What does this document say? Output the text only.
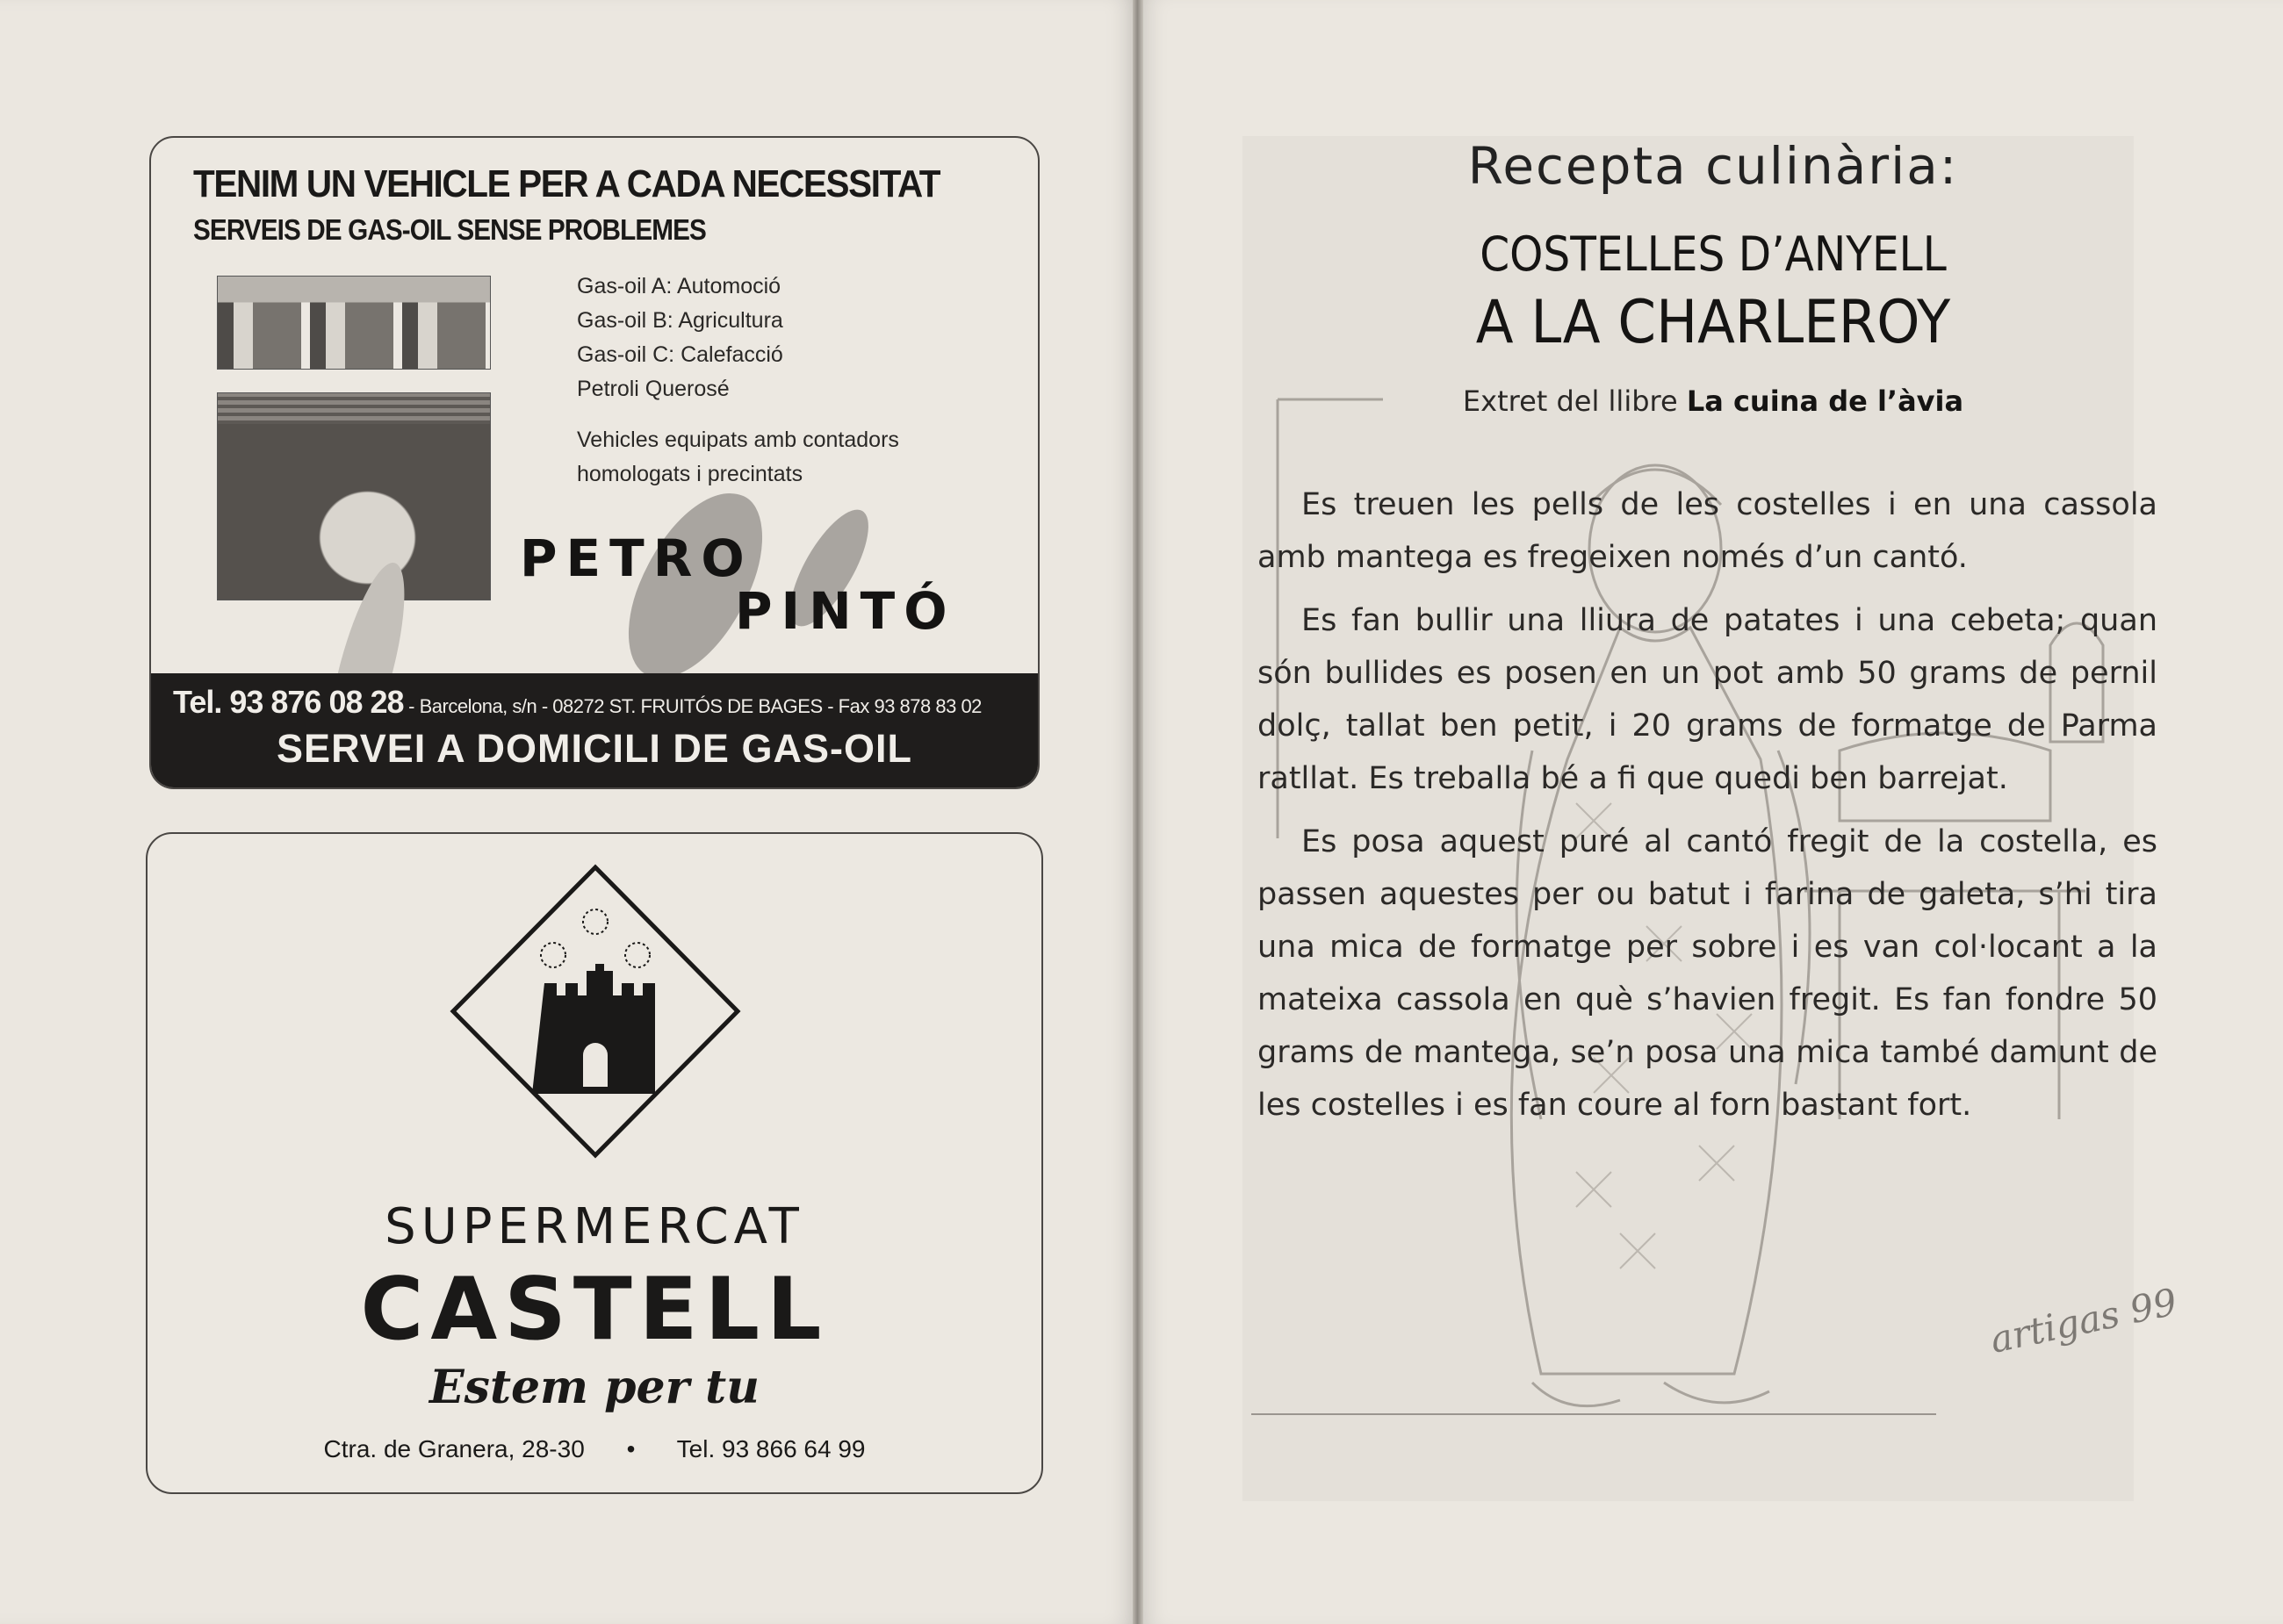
TENIM UN VEHICLE PER A CADA NECESSITAT
SERVEIS DE GAS-OIL SENSE PROBLEMES
Gas-oil A: Automoció
Gas-oil B: Agricultura
Gas-oil C: Calefacció
Petroli Querosé
Vehicles equipats amb contadors homologats i precintats
PETRO
PINTÓ
Tel. 93 876 08 28 - Barcelona, s/n - 08272 ST. FRUITÓS DE BAGES - Fax 93 878 83 02
SERVEI A DOMICILI DE GAS-OIL
SUPERMERCAT
CASTELL
Estem per tu
Ctra. de Granera, 28-30 • Tel. 93 866 64 99
Recepta culinària:
COSTELLES D’ANYELL
A LA CHARLEROY
Extret del llibre La cuina de l’àvia

Es treuen les pells de les costelles i en una cassola amb mantega es fregeixen només d’un cantó.

Es fan bullir una lliura de patates i una cebeta; quan són bullides es posen en un pot amb 50 grams de pernil dolç, tallat ben petit, i 20 grams de formatge de Parma ratllat. Es treballa bé a fi que quedi ben barrejat.

Es posa aquest puré al cantó fregit de la costella, es passen aquestes per ou batut i farina de galeta, s’hi tira una mica de formatge per sobre i es van col·locant a la mateixa cassola en què s’havien fregit. Es fan fondre 50 grams de mantega, se’n posa una mica també damunt de les costelles i es fan coure al forn bastant fort.

artigas 99
